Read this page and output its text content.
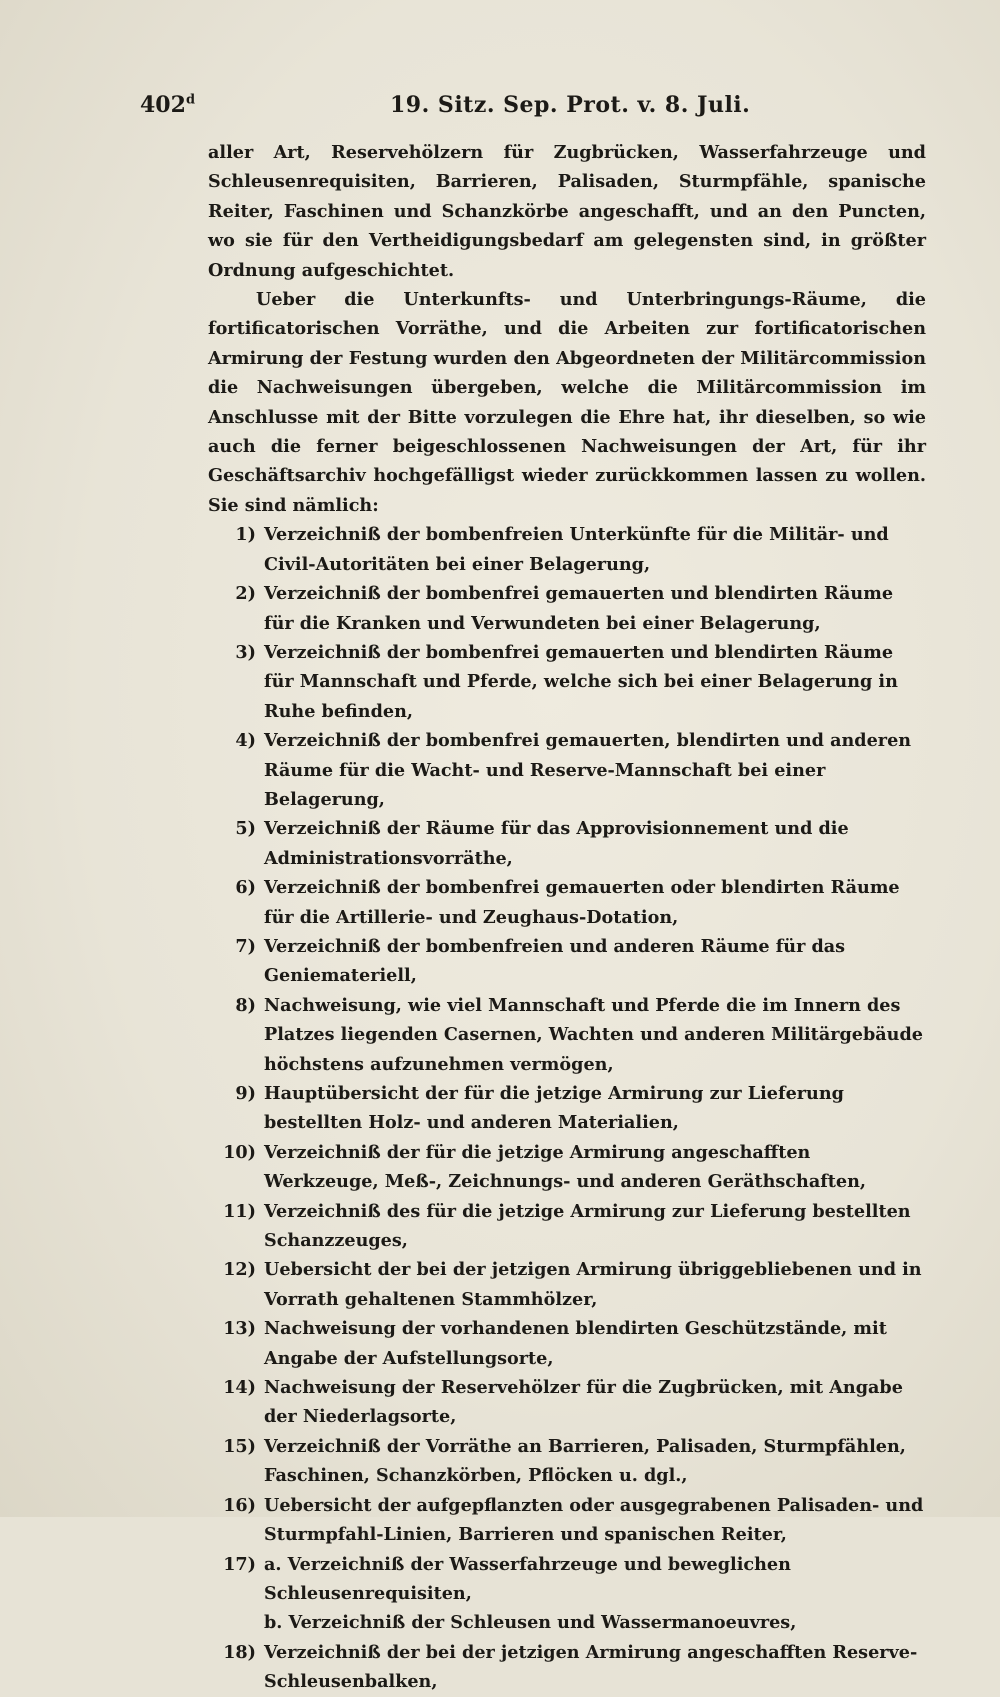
402$^d$	19. Sitz. Sep. Prot. v. 8. Juli.

aller Art, Reservehölzern für Zugbrücken, Wasserfahrzeuge und Schleusenrequisiten, Barrieren, Palisaden, Sturmpfähle, spanische Reiter, Faschinen und Schanzkörbe angeschafft, und an den Puncten, wo sie für den Vertheidigungsbedarf am gelegensten sind, in größter Ordnung aufgeschichtet.

Ueber die Unterkunfts- und Unterbringungs-Räume, die fortificatorischen Vorräthe, und die Arbeiten zur fortificatorischen Armirung der Festung wurden den Abgeordneten der Militärcommission die Nachweisungen übergeben, welche die Militärcommission im Anschlusse mit der Bitte vorzulegen die Ehre hat, ihr dieselben, so wie auch die ferner beigeschlossenen Nachweisungen der Art, für ihr Geschäftsarchiv hochgefälligst wieder zurückkommen lassen zu wollen. Sie sind nämlich:

1) Verzeichniß der bombenfreien Unterkünfte für die Militär- und Civil-Autoritäten bei einer Belagerung,
2) Verzeichniß der bombenfrei gemauerten und blendirten Räume für die Kranken und Verwundeten bei einer Belagerung,
3) Verzeichniß der bombenfrei gemauerten und blendirten Räume für Mannschaft und Pferde, welche sich bei einer Belagerung in Ruhe befinden,
4) Verzeichniß der bombenfrei gemauerten, blendirten und anderen Räume für die Wacht- und Reserve-Mannschaft bei einer Belagerung,
5) Verzeichniß der Räume für das Approvisionnement und die Administrationsvorräthe,
6) Verzeichniß der bombenfrei gemauerten oder blendirten Räume für die Artillerie- und Zeughaus-Dotation,
7) Verzeichniß der bombenfreien und anderen Räume für das Geniemateriell,
8) Nachweisung, wie viel Mannschaft und Pferde die im Innern des Platzes liegenden Casernen, Wachten und anderen Militärgebäude höchstens aufzunehmen vermögen,
9) Hauptübersicht der für die jetzige Armirung zur Lieferung bestellten Holz- und anderen Materialien,
10) Verzeichniß der für die jetzige Armirung angeschafften Werkzeuge, Meß-, Zeichnungs- und anderen Geräthschaften,
11) Verzeichniß des für die jetzige Armirung zur Lieferung bestellten Schanzzeuges,
12) Uebersicht der bei der jetzigen Armirung übriggebliebenen und in Vorrath gehaltenen Stammhölzer,
13) Nachweisung der vorhandenen blendirten Geschützstände, mit Angabe der Aufstellungsorte,
14) Nachweisung der Reservehölzer für die Zugbrücken, mit Angabe der Niederlagsorte,
15) Verzeichniß der Vorräthe an Barrieren, Palisaden, Sturmpfählen, Faschinen, Schanzkörben, Pflöcken u. dgl.,
16) Uebersicht der aufgepflanzten oder ausgegrabenen Palisaden- und Sturmpfahl-Linien, Barrieren und spanischen Reiter,
17) a. Verzeichniß der Wasserfahrzeuge und beweglichen Schleusenrequisiten,
b. Verzeichniß der Schleusen und Wassermanoeuvres,
18) Verzeichniß der bei der jetzigen Armirung angeschafften Reserve-Schleusenbalken,
